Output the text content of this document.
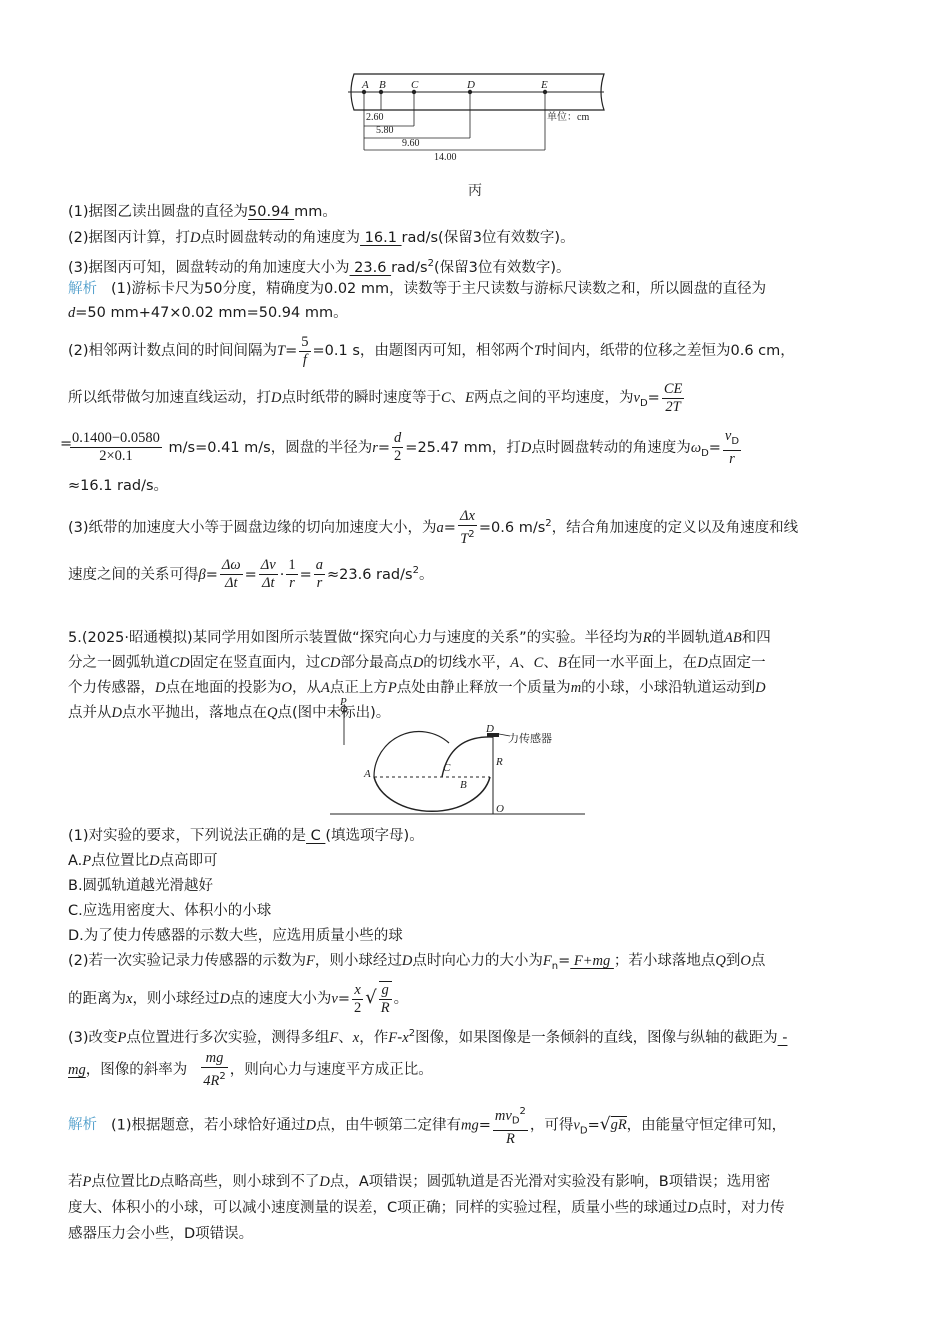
A B C	D	E
2.60
5.80
9.60
14.00
单位：cm
丙
(1)据图乙读出圆盘的直径为50.94 mm。
(2)据图丙计算，打D点时圆盘转动的角速度为 16.1 rad/s(保留3位有效数字)。
(3)据图丙可知，圆盘转动的角加速度大小为 23.6 rad/$s^2$(保留3位有效数字)。
解析 (1)游标卡尺为50分度，精确度为0.02 mm，读数等于主尺读数与游标尺读数之和，所以圆盘的直径为
d=50 mm+47×0.02 mm=50.94 mm。
(2)相邻两计数点间的时间间隔为$T= \frac{5}{f} =0.1$ s，由题图丙可知，相邻两个T时间内，纸带的位移之差恒为0.6 cm，
所以纸带做匀加速直线运动，打D点时纸带的瞬时速度等于C、E两点之间的平均速度，为$v_D= \frac{CE}{2T}$
$\frac{0.1400-0.0580}{2\times 0.1} m/s=0.41$ m/s，圆盘的半径为$r= \frac{d}{2} =25.47$ mm，打D点时圆盘转动的角速度为$\omega_D= \frac{v_D}{r}$
=
≈16.1 rad/s。
(3)纸带的加速度大小等于圆盘边缘的切向加速度大小，为$a= \frac{\Delta x}{T^2} =0.6$ $m/s^2$，结合角加速度的定义以及角速度和线
速度之间的关系可得$\beta= \frac{\Delta\omega}{\Delta t} = \frac{\Delta v}{\Delta t} \cdot \frac{1}{r} = \frac{a}{r} \approx 23.6$ rad/$s^2$。
5.(2025·昭通模拟)某同学用如图所示装置做“探究向心力与速度的关系”的实验。半径均为R的半圆轨道AB和四
分之一圆弧轨道CD固定在竖直面内，过CD部分最高点D的切线水平，A、C、B在同一水平面上，在D点固定一
个力传感器，D点在地面的投影为O，从A点正上方P点处由静止释放一个质量为m的小球，小球沿轨道运动到D
点并从D点水平抛出，落地点在Q点(图中未标出)。
P
D
A	C
B
R
O
力传感器
(1)对实验的要求，下列说法正确的是 C (填选项字母)。
A.P点位置比D点高即可
B.圆弧轨道越光滑越好
C.应选用密度大、体积小的小球
D.为了使力传感器的示数大些，应选用质量小些的球
(2)若一次实验记录力传感器的示数为F，则小球经过D点时向心力的大小为$F_n= F+mg$ ；若小球落地点Q到O点
的距离为x，则小球经过D点的速度大小为$v= \frac{x}{2}$ √ $\frac{g}{R}$ 。
(3)改变P点位置进行多次实验，测得多组F、x，作$F-x^2$图像，如果图像是一条倾斜的直线，图像与纵轴的截距为 -
mg，图像的斜率为 $\frac{mg}{4R^2}$ ，则向心力与速度平方成正比。
解析 (1)根据题意，若小球恰好通过D点，由牛顿第二定律有$mg= \frac{mv_D^2}{R}$ ，可得$v_D=√gR$，由能量守恒定律可知，
若P点位置比D点略高些，则小球到不了D点，A项错误；圆弧轨道是否光滑对实验没有影响，B项错误；选用密
度大、体积小的小球，可以减小速度测量的误差，C项正确；同样的实验过程，质量小些的球通过D点时，对力传
感器压力会小些，D项错误。
